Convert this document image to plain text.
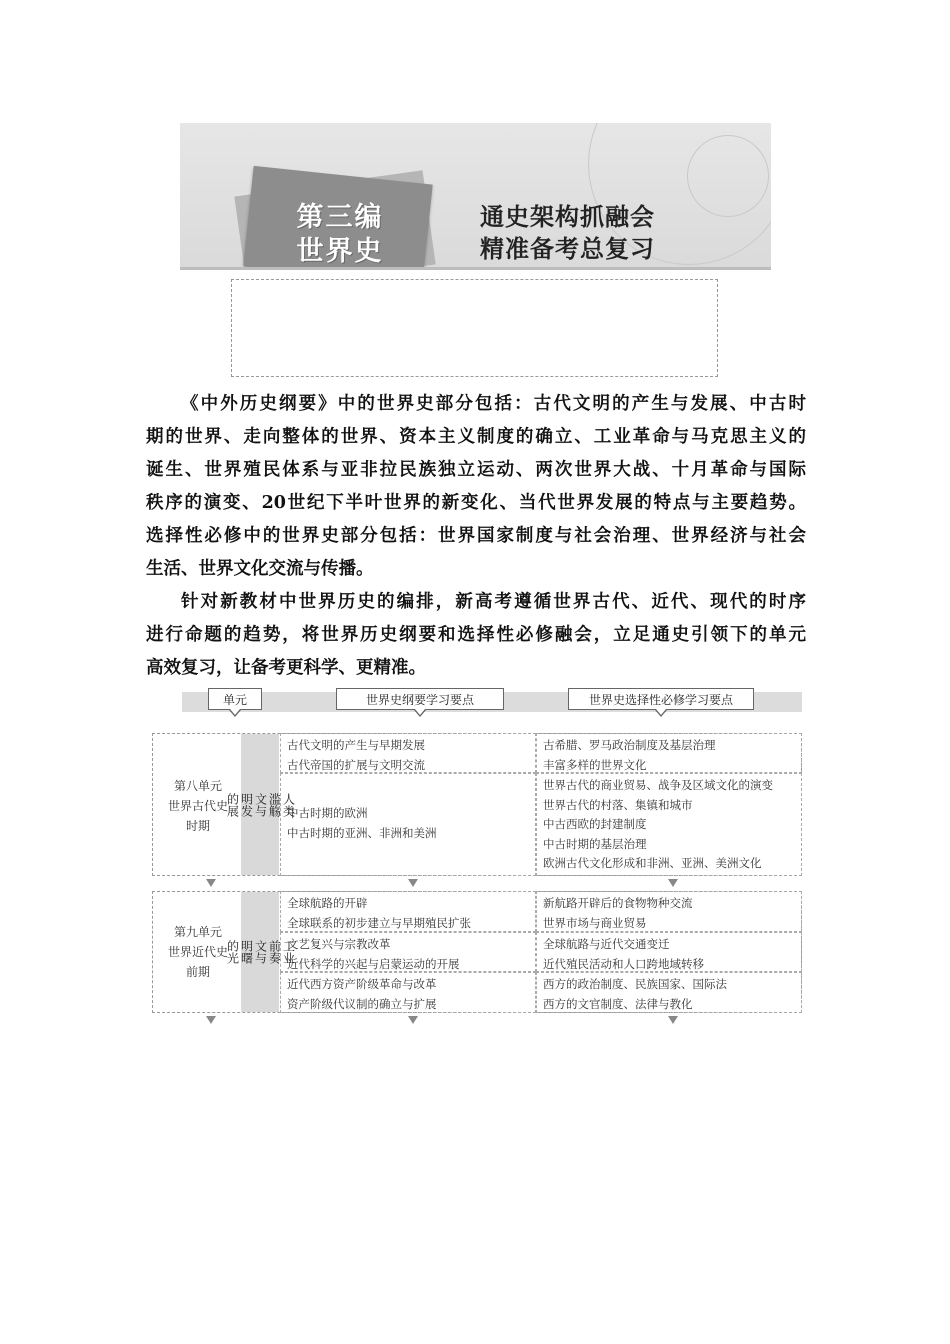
第三编
世界史
通史架构抓融会
精准备考总复习
《中外历史纲要》中的世界史部分包括：古代文明的产生与发展、中古时
期的世界、走向整体的世界、资本主义制度的确立、工业革命与马克思主义的
诞生、世界殖民体系与亚非拉民族独立运动、两次世界大战、十月革命与国际
秩序的演变、20世纪下半叶世界的新变化、当代世界发展的特点与主要趋势。
选择性必修中的世界史部分包括：世界国家制度与社会治理、世界经济与社会
生活、世界文化交流与传播。
针对新教材中世界历史的编排，新高考遵循世界古代、近代、现代的时序
进行命题的趋势，将世界历史纲要和选择性必修融会，立足通史引领下的单元
高效复习，让备考更科学、更精准。
单元	世界史纲要学习要点	世界史选择性必修学习要点
第八单元
世界古代史
时期
人类
滥觞
文与
明发
的展
古代文明的产生与早期发展
古代帝国的扩展与文明交流
古希腊、罗马政治制度及基层治理
丰富多样的世界文化
中古时期的欧洲
中古时期的亚洲、非洲和美洲
世界古代的商业贸易、战争及区域文化的演变
世界古代的村落、集镇和城市
中古西欧的封建制度
中古时期的基层治理
欧洲古代文化形成和非洲、亚洲、美洲文化
第九单元
世界近代史
前期
工业
前奏
文与
明曙
的光
全球航路的开辟
全球联系的初步建立与早期殖民扩张
新航路开辟后的食物物种交流
世界市场与商业贸易
文艺复兴与宗教改革
近代科学的兴起与启蒙运动的开展
全球航路与近代交通变迁
近代殖民活动和人口跨地域转移
近代西方资产阶级革命与改革
资产阶级代议制的确立与扩展
西方的政治制度、民族国家、国际法
西方的文官制度、法律与教化
